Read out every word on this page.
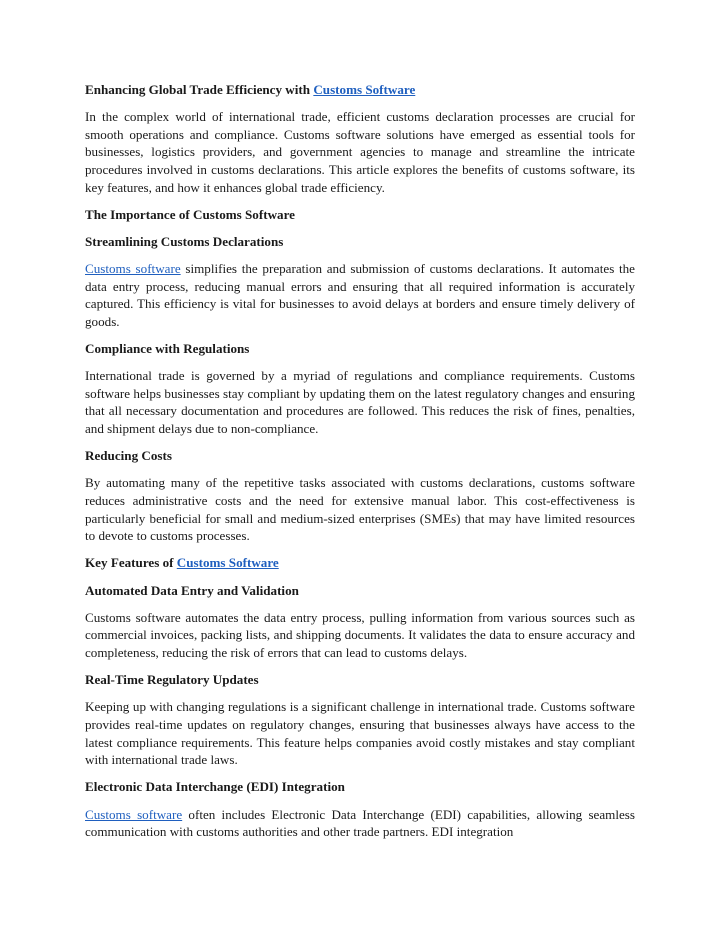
Enhancing Global Trade Efficiency with Customs Software
In the complex world of international trade, efficient customs declaration processes are crucial for smooth operations and compliance. Customs software solutions have emerged as essential tools for businesses, logistics providers, and government agencies to manage and streamline the intricate procedures involved in customs declarations. This article explores the benefits of customs software, its key features, and how it enhances global trade efficiency.
The Importance of Customs Software
Streamlining Customs Declarations
Customs software simplifies the preparation and submission of customs declarations. It automates the data entry process, reducing manual errors and ensuring that all required information is accurately captured. This efficiency is vital for businesses to avoid delays at borders and ensure timely delivery of goods.
Compliance with Regulations
International trade is governed by a myriad of regulations and compliance requirements. Customs software helps businesses stay compliant by updating them on the latest regulatory changes and ensuring that all necessary documentation and procedures are followed. This reduces the risk of fines, penalties, and shipment delays due to non-compliance.
Reducing Costs
By automating many of the repetitive tasks associated with customs declarations, customs software reduces administrative costs and the need for extensive manual labor. This cost-effectiveness is particularly beneficial for small and medium-sized enterprises (SMEs) that may have limited resources to devote to customs processes.
Key Features of Customs Software
Automated Data Entry and Validation
Customs software automates the data entry process, pulling information from various sources such as commercial invoices, packing lists, and shipping documents. It validates the data to ensure accuracy and completeness, reducing the risk of errors that can lead to customs delays.
Real-Time Regulatory Updates
Keeping up with changing regulations is a significant challenge in international trade. Customs software provides real-time updates on regulatory changes, ensuring that businesses always have access to the latest compliance requirements. This feature helps companies avoid costly mistakes and stay compliant with international trade laws.
Electronic Data Interchange (EDI) Integration
Customs software often includes Electronic Data Interchange (EDI) capabilities, allowing seamless communication with customs authorities and other trade partners. EDI integration
